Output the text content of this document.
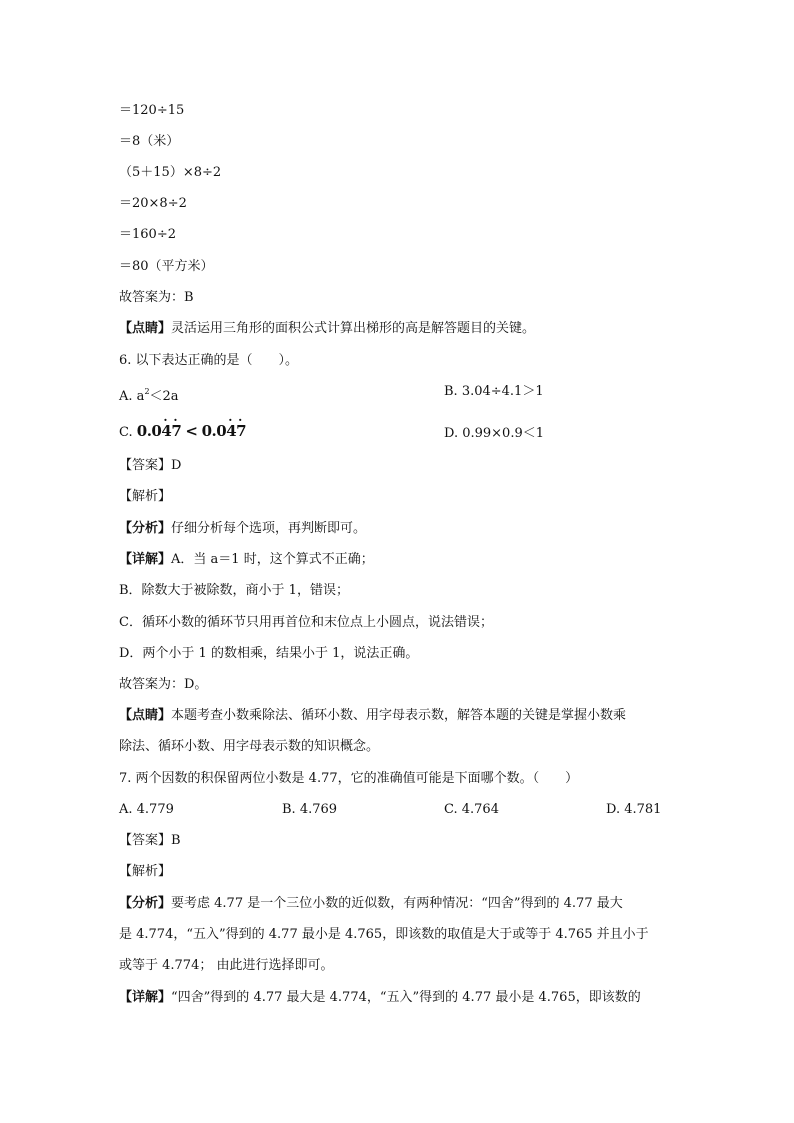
＝120÷15
＝8（米）
（5＋15）×8÷2
＝20×8÷2
＝160÷2
＝80（平方米）
故答案为：B
【点睛】灵活运用三角形的面积公式计算出梯形的高是解答题目的关键。
6. 以下表达正确的是（　　）。
A. $a^2<2a$	B. 3.04÷4.1＞1
C. 0.04 ·7 · < 0.04 ·7 ·	D. 0.99×0.9＜1
【答案】D
【解析】
【分析】仔细分析每个选项，再判断即可。
【详解】A．当 a＝1 时，这个算式不正确；
B．除数大于被除数，商小于 1，错误；
C．循环小数的循环节只用再首位和末位点上小圆点，说法错误；
D．两个小于 1 的数相乘，结果小于 1，说法正确。
故答案为：D。
【点睛】本题考查小数乘除法、循环小数、用字母表示数，解答本题的关键是掌握小数乘
除法、循环小数、用字母表示数的知识概念。
7. 两个因数的积保留两位小数是 4.77，它的准确值可能是下面哪个数。（　　）
A. 4.779	B. 4.769	C. 4.764	D. 4.781
【答案】B
【解析】
【分析】要考虑 4.77 是一个三位小数的近似数，有两种情况：“四舍”得到的 4.77 最大
是 4.774，“五入”得到的 4.77 最小是 4.765，即该数的取值是大于或等于 4.765 并且小于
或等于 4.774； 由此进行选择即可。
【详解】“四舍”得到的 4.77 最大是 4.774，“五入”得到的 4.77 最小是 4.765，即该数的
